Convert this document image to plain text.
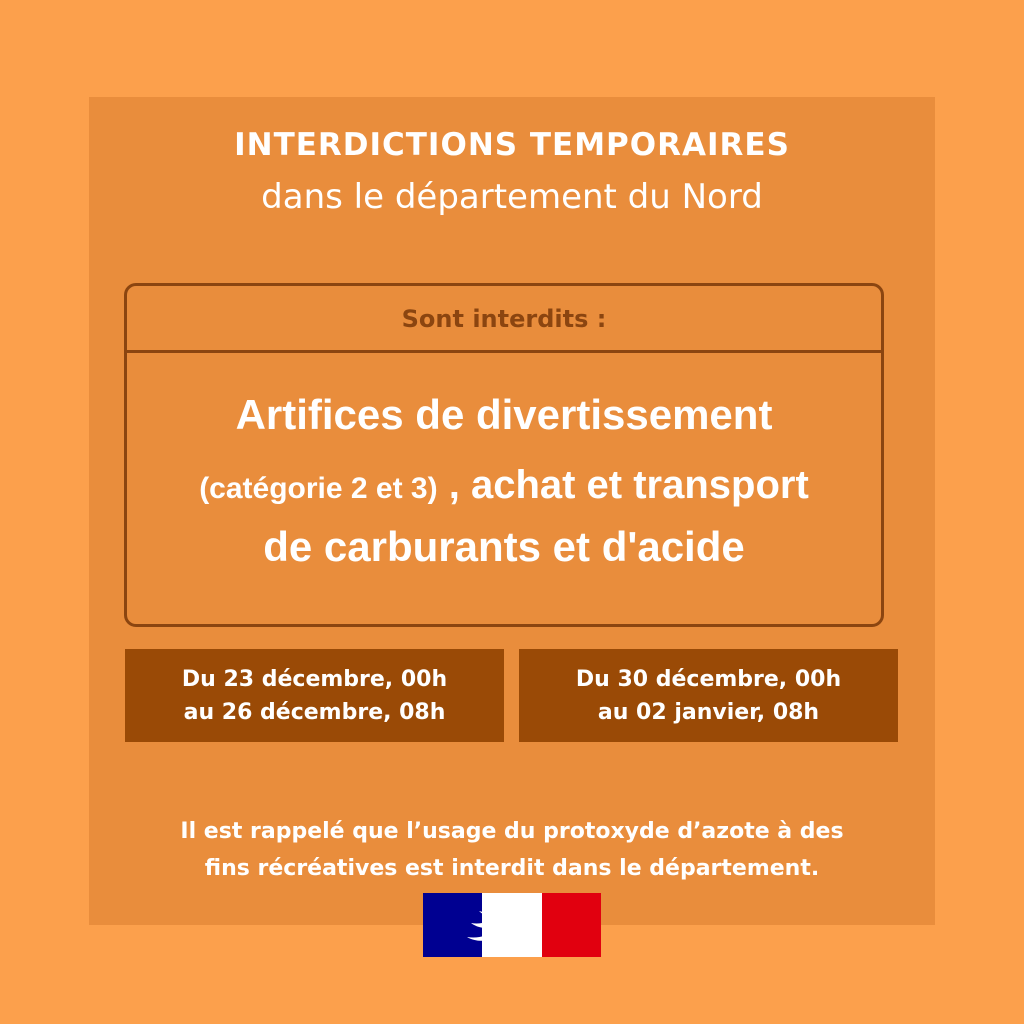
INTERDICTIONS TEMPORAIRES
dans le département du Nord
Sont interdits :
Artifices de divertissement
(catégorie 2 et 3) , achat et transport
de carburants et d'acide
Du 23 décembre, 00h
au 26 décembre, 08h
Du 30 décembre, 00h
au 02 janvier, 08h
Il est rappelé que l’usage du protoxyde d’azote à des
fins récréatives est interdit dans le département.
